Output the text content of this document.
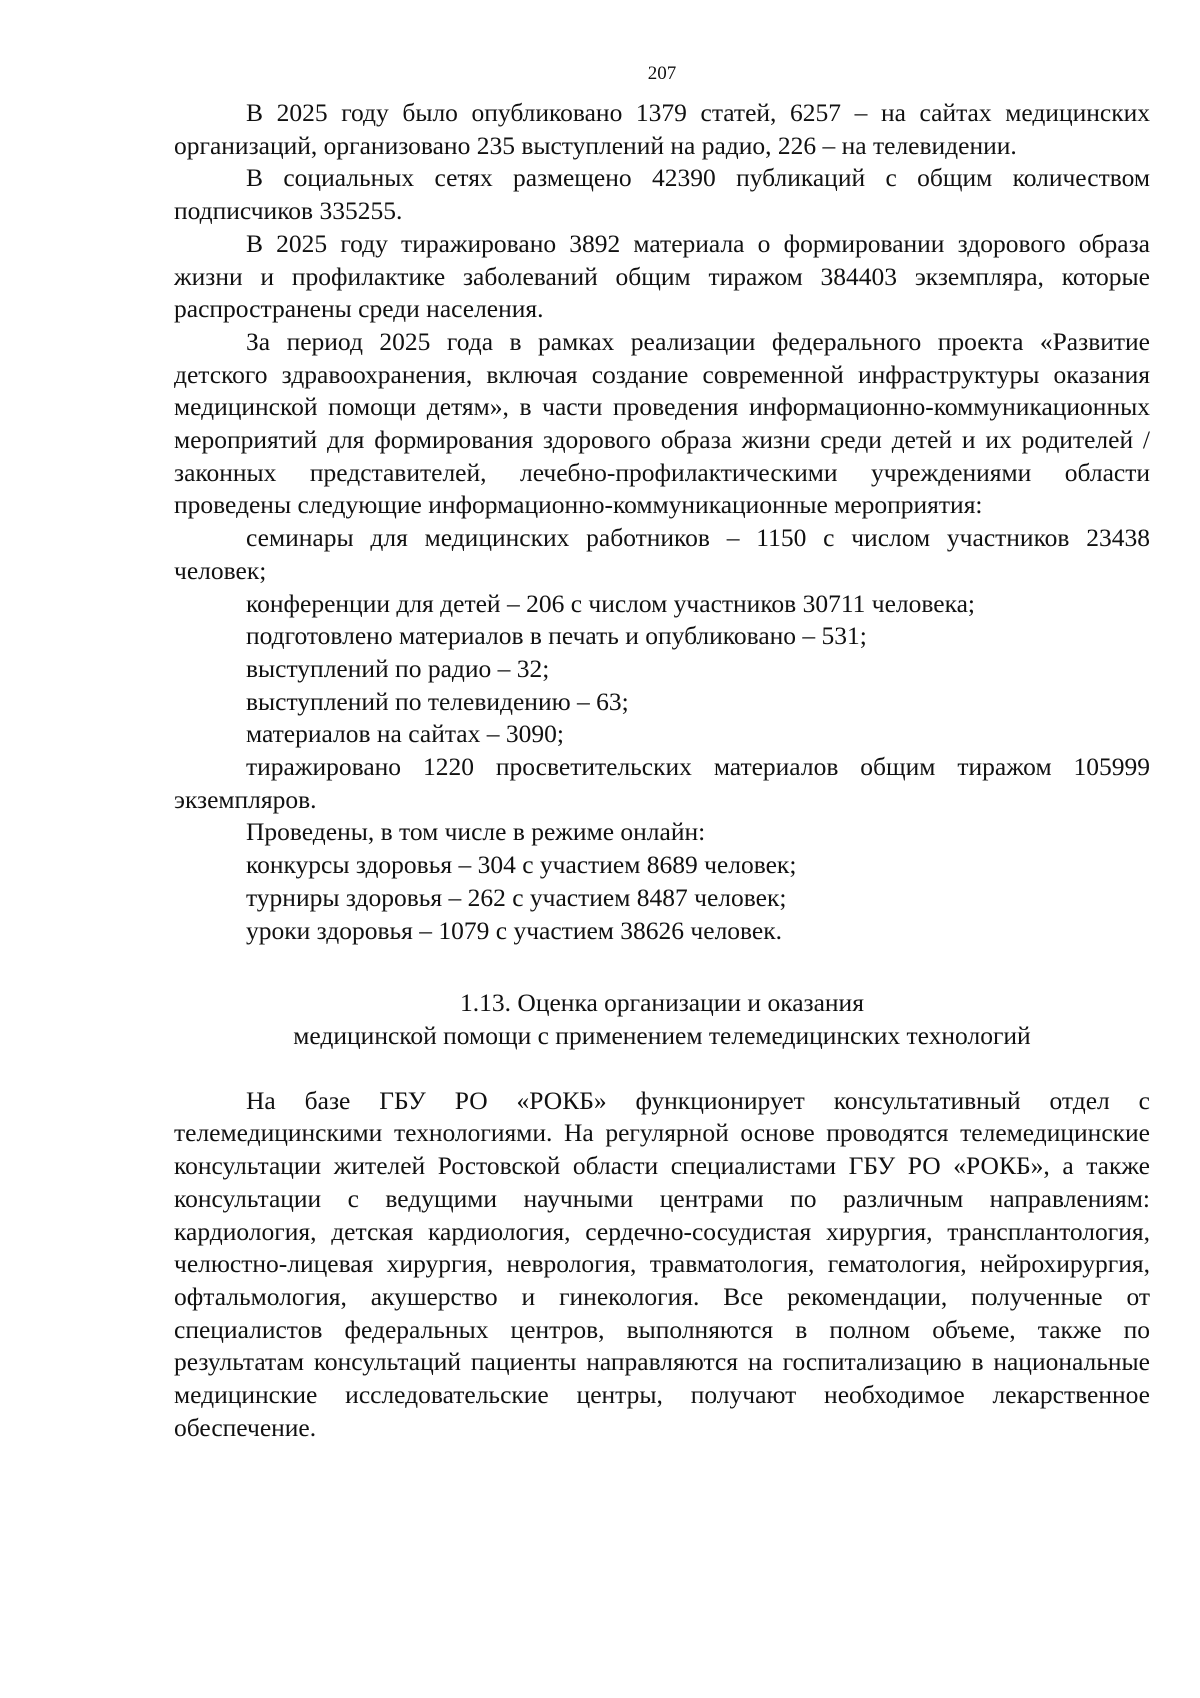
207

В 2025 году было опубликовано 1379 статей, 6257 – на сайтах медицинских организаций, организовано 235 выступлений на радио, 226 – на телевидении.

В социальных сетях размещено 42390 публикаций с общим количеством подписчиков 335255.

В 2025 году тиражировано 3892 материала о формировании здорового образа жизни и профилактике заболеваний общим тиражом 384403 экземпляра, которые распространены среди населения.

За период 2025 года в рамках реализации федерального проекта «Развитие детского здравоохранения, включая создание современной инфраструктуры оказания медицинской помощи детям», в части проведения информационно-коммуникационных мероприятий для формирования здорового образа жизни среди детей и их родителей / законных представителей, лечебно-профилактическими учреждениями области проведены следующие информационно-коммуникационные мероприятия:

семинары для медицинских работников – 1150 с числом участников 23438 человек;

конференции для детей – 206 с числом участников 30711 человека;

подготовлено материалов в печать и опубликовано – 531;

выступлений по радио – 32;

выступлений по телевидению – 63;

материалов на сайтах – 3090;

тиражировано 1220 просветительских материалов общим тиражом 105999 экземпляров.

Проведены, в том числе в режиме онлайн:

конкурсы здоровья – 304 с участием 8689 человек;

турниры здоровья – 262 с участием 8487 человек;

уроки здоровья – 1079 с участием 38626 человек.

1.13. Оценка организации и оказания
медицинской помощи с применением телемедицинских технологий

На базе ГБУ РО «РОКБ» функционирует консультативный отдел с телемедицинскими технологиями. На регулярной основе проводятся телемедицинские консультации жителей Ростовской области специалистами ГБУ РО «РОКБ», а также консультации с ведущими научными центрами по различным направлениям: кардиология, детская кардиология, сердечно-сосудистая хирургия, трансплантология, челюстно-лицевая хирургия, неврология, травматология, гематология, нейрохирургия, офтальмология, акушерство и гинекология. Все рекомендации, полученные от специалистов федеральных центров, выполняются в полном объеме, также по результатам консультаций пациенты направляются на госпитализацию в национальные медицинские исследовательские центры, получают необходимое лекарственное обеспечение.
